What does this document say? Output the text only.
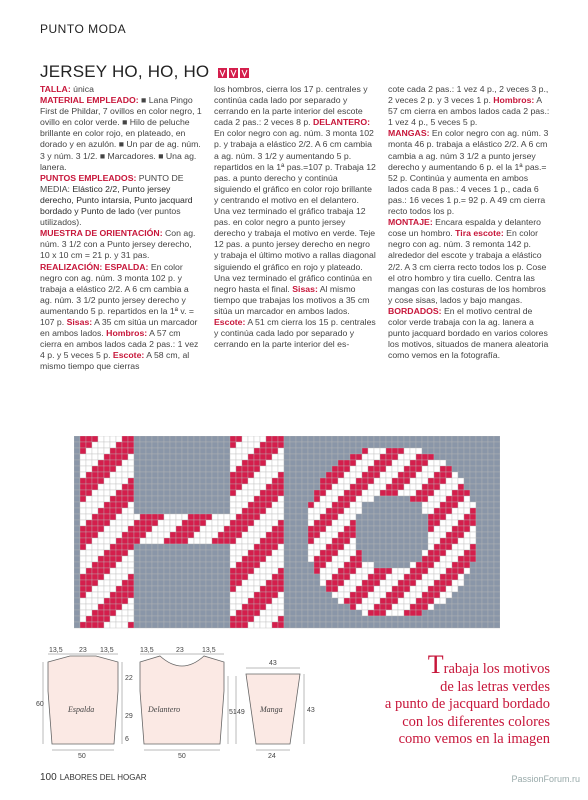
PUNTO MODA
JERSEY HO, HO, HO

TALLA: única
MATERIAL EMPLEADO: ■ Lana Pingo First de Phildar, 7 ovillos en color negro, 1 ovillo en color verde. ■ Hilo de peluche brillante en color rojo, en plateado, en dorado y en azulón. ■ Un par de ag. núm. 3 y núm. 3 1/2. ■ Marcadores. ■ Una ag. lanera.
PUNTOS EMPLEADOS: PUNTO DE MEDIA: Elástico 2/2, Punto jersey derecho, Punto intarsia, Punto jacquard bordado y Punto de lado (ver puntos utilizados).
MUESTRA DE ORIENTACIÓN: Con ag. núm. 3 1/2 con a Punto jersey derecho, 10 x 10 cm = 21 p. y 31 pas.
REALIZACIÓN: ESPALDA: En color negro con ag. núm. 3 monta 102 p. y trabaja a elástico 2/2. A 6 cm cambia a ag. núm. 3 1/2 punto jersey derecho y aumentando 5 p. repartidos en la 1ª v. = 107 p. Sisas: A 35 cm sitúa un marcador en ambos lados. Hombros: A 57 cm cierra en ambos lados cada 2 pas.: 1 vez 4 p. y 5 veces 5 p. Escote: A 58 cm, al mismo tiempo que cierras

los hombros, cierra los 17 p. centrales y continúa cada lado por separado y cerrando en la parte interior del escote cada 2 pas.: 2 veces 8 p. DELANTERO: En color negro con ag. núm. 3 monta 102 p. y trabaja a elástico 2/2. A 6 cm cambia a ag. núm. 3 1/2 y aumentando 5 p. repartidos en la 1ª pas.=107 p. Trabaja 12 pas. a punto derecho y continúa siguiendo el gráfico en color rojo brillante y centrando el motivo en el delantero. Una vez terminado el gráfico trabaja 12 pas. en color negro a punto jersey derecho y trabaja el motivo en verde. Teje 12 pas. a punto jersey derecho en negro y trabaja el último motivo a rallas diagonal siguiendo el gráfico en rojo y plateado. Una vez terminado el gráfico continúa en negro hasta el final. Sisas: Al mismo tiempo que trabajas los motivos a 35 cm sitúa un marcador en ambos lados. Escote: A 51 cm cierra los 15 p. centrales y continúa cada lado por separado y cerrando en la parte interior del es-

cote cada 2 pas.: 1 vez 4 p., 2 veces 3 p., 2 veces 2 p. y 3 veces 1 p. Hombros: A 57 cm cierra en ambos lados cada 2 pas.: 1 vez 4 p., 5 veces 5 p.
MANGAS: En color negro con ag. núm. 3 monta 46 p. trabaja a elástico 2/2. A 6 cm cambia a ag. núm 3 1/2 a punto jersey derecho y aumentando 6 p. el la 1ª pas.= 52 p. Continúa y aumenta en ambos lados cada 8 pas.: 4 veces 1 p., cada 6 pas.: 16 veces 1 p.= 92 p. A 49 cm cierra recto todos los p.
MONTAJE: Encara espalda y delantero cose un hombro. Tira escote: En color negro con ag. núm. 3 remonta 142 p. alrededor del escote y trabaja a elástico 2/2. A 3 cm cierra recto todos los p. Cose el otro hombro y tira cuello. Centra las mangas con las costuras de los hombros y cose sisas, lados y bajo mangas. BORDADOS: En el motivo central de color verde trabaja con la ag. lanera a punto jacquard bordado en varios colores los motivos, situados de manera aleatoria como vemos en la fotografía.

13,5 23 13,5
60
22
29
6
Espalda
50
13,5	23	13,5
Delantero	51 49
50
43
Manga	43
24
Trabaja los motivos
de las letras verdes
a punto de jacquard bordado
con los diferentes colores
como vemos en la imagen
100 LABORES DEL HOGAR	PassionForum.ru
